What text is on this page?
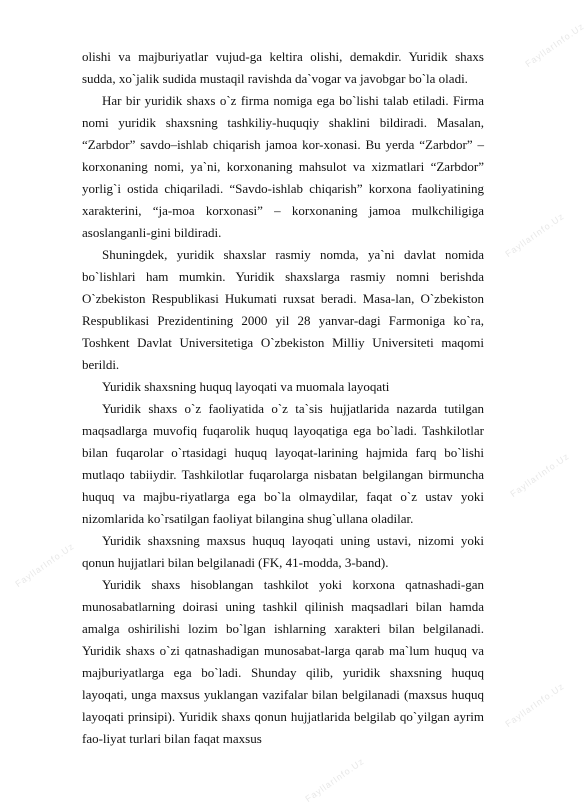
FayllarInfo.Uz
FayllarInfo.Uz
FayllarInfo.Uz
FayllarInfo.Uz
FayllarInfo.Uz
FayllarInfo.Uz

olishi va majburiyatlar vujud-ga keltira olishi, demakdir. Yuridik shaxs sudda, xo`jalik sudida mustaqil ravishda da`vogar va javobgar bo`la oladi.

Har bir yuridik shaxs o`z firma nomiga ega bo`lishi talab etiladi. Firma nomi yuridik shaxsning tashkiliy-huquqiy shaklini bildiradi. Masalan, “Zarbdor” savdo–ishlab chiqarish jamoa kor-xonasi. Bu yerda “Zarbdor” – korxonaning nomi, ya`ni, korxonaning mahsulot va xizmatlari “Zarbdor” yorlig`i ostida chiqariladi. “Savdo-ishlab chiqarish” korxona faoliyatining xarakterini, “ja-moa korxonasi” – korxonaning jamoa mulkchiligiga asoslanganli-gini bildiradi.

Shuningdek, yuridik shaxslar rasmiy nomda, ya`ni davlat nomida bo`lishlari ham mumkin. Yuridik shaxslarga rasmiy nomni berishda O`zbekiston Respublikasi Hukumati ruxsat beradi. Masa-lan, O`zbekiston Respublikasi Prezidentining 2000 yil 28 yanvar-dagi Farmoniga ko`ra, Toshkent Davlat Universitetiga O`zbekiston Milliy Universiteti maqomi berildi.

Yuridik shaxsning huquq layoqati va muomala layoqati

Yuridik shaxs o`z faoliyatida o`z ta`sis hujjatlarida nazarda tutilgan maqsadlarga muvofiq fuqarolik huquq layoqatiga ega bo`ladi. Tashkilotlar bilan fuqarolar o`rtasidagi huquq layoqat-larining hajmida farq bo`lishi mutlaqo tabiiydir. Tashkilotlar fuqarolarga nisbatan belgilangan birmuncha huquq va majbu-riyatlarga ega bo`la olmaydilar, faqat o`z ustav yoki nizomlarida ko`rsatilgan faoliyat bilangina shug`ullana oladilar.

Yuridik shaxsning maxsus huquq layoqati uning ustavi, nizomi yoki qonun hujjatlari bilan belgilanadi (FK, 41-modda, 3-band).

Yuridik shaxs hisoblangan tashkilot yoki korxona qatnashadi-gan munosabatlarning doirasi uning tashkil qilinish maqsadlari bilan hamda amalga oshirilishi lozim bo`lgan ishlarning xarakteri bilan belgilanadi. Yuridik shaxs o`zi qatnashadigan munosabat-larga qarab ma`lum huquq va majburiyatlarga ega bo`ladi. Shunday qilib, yuridik shaxsning huquq layoqati, unga maxsus yuklangan vazifalar bilan belgilanadi (maxsus huquq layoqati prinsipi). Yuridik shaxs qonun hujjatlarida belgilab qo`yilgan ayrim fao-liyat turlari bilan faqat maxsus
